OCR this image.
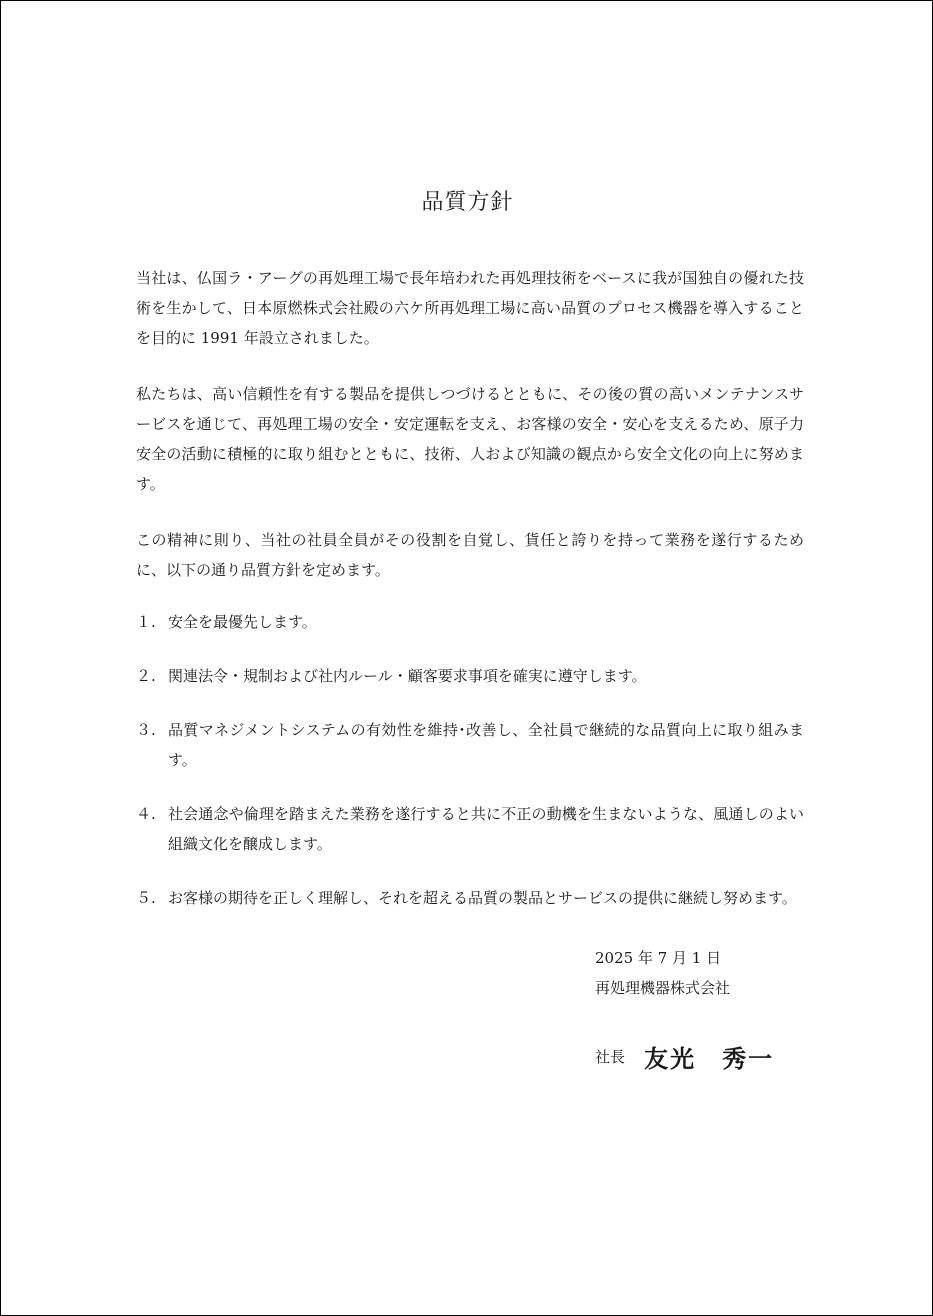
品質方針

当社は、仏国ラ・アーグの再処理工場で長年培われた再処理技術をベースに我が国独自の優れた技術を生かして、日本原燃株式会社殿の六ケ所再処理工場に高い品質のプロセス機器を導入することを目的に 1991 年設立されました。

私たちは、高い信頼性を有する製品を提供しつづけるとともに、その後の質の高いメンテナンスサービスを通じて、再処理工場の安全・安定運転を支え、お客様の安全・安心を支えるため、原子力安全の活動に積極的に取り組むとともに、技術、人および知識の観点から安全文化の向上に努めます。

この精神に則り、当社の社員全員がその役割を自覚し、貨任と誇りを持って業務を遂行するために、以下の通り品質方針を定めます。

１. 安全を最優先します。
２. 関連法令・規制および社内ルール・顧客要求事項を確実に遵守します。
３. 品質マネジメントシステムの有効性を維持･改善し、全社員で継続的な品質向上に取り組みます。
４. 社会通念や倫理を踏まえた業務を遂行すると共に不正の動機を生まないような、風通しのよい組織文化を醸成します。
５. お客様の期待を正しく理解し、それを超える品質の製品とサービスの提供に継続し努めます。
2025 年 7 月 1 日
再処理機器株式会社
社長 友光　秀一
